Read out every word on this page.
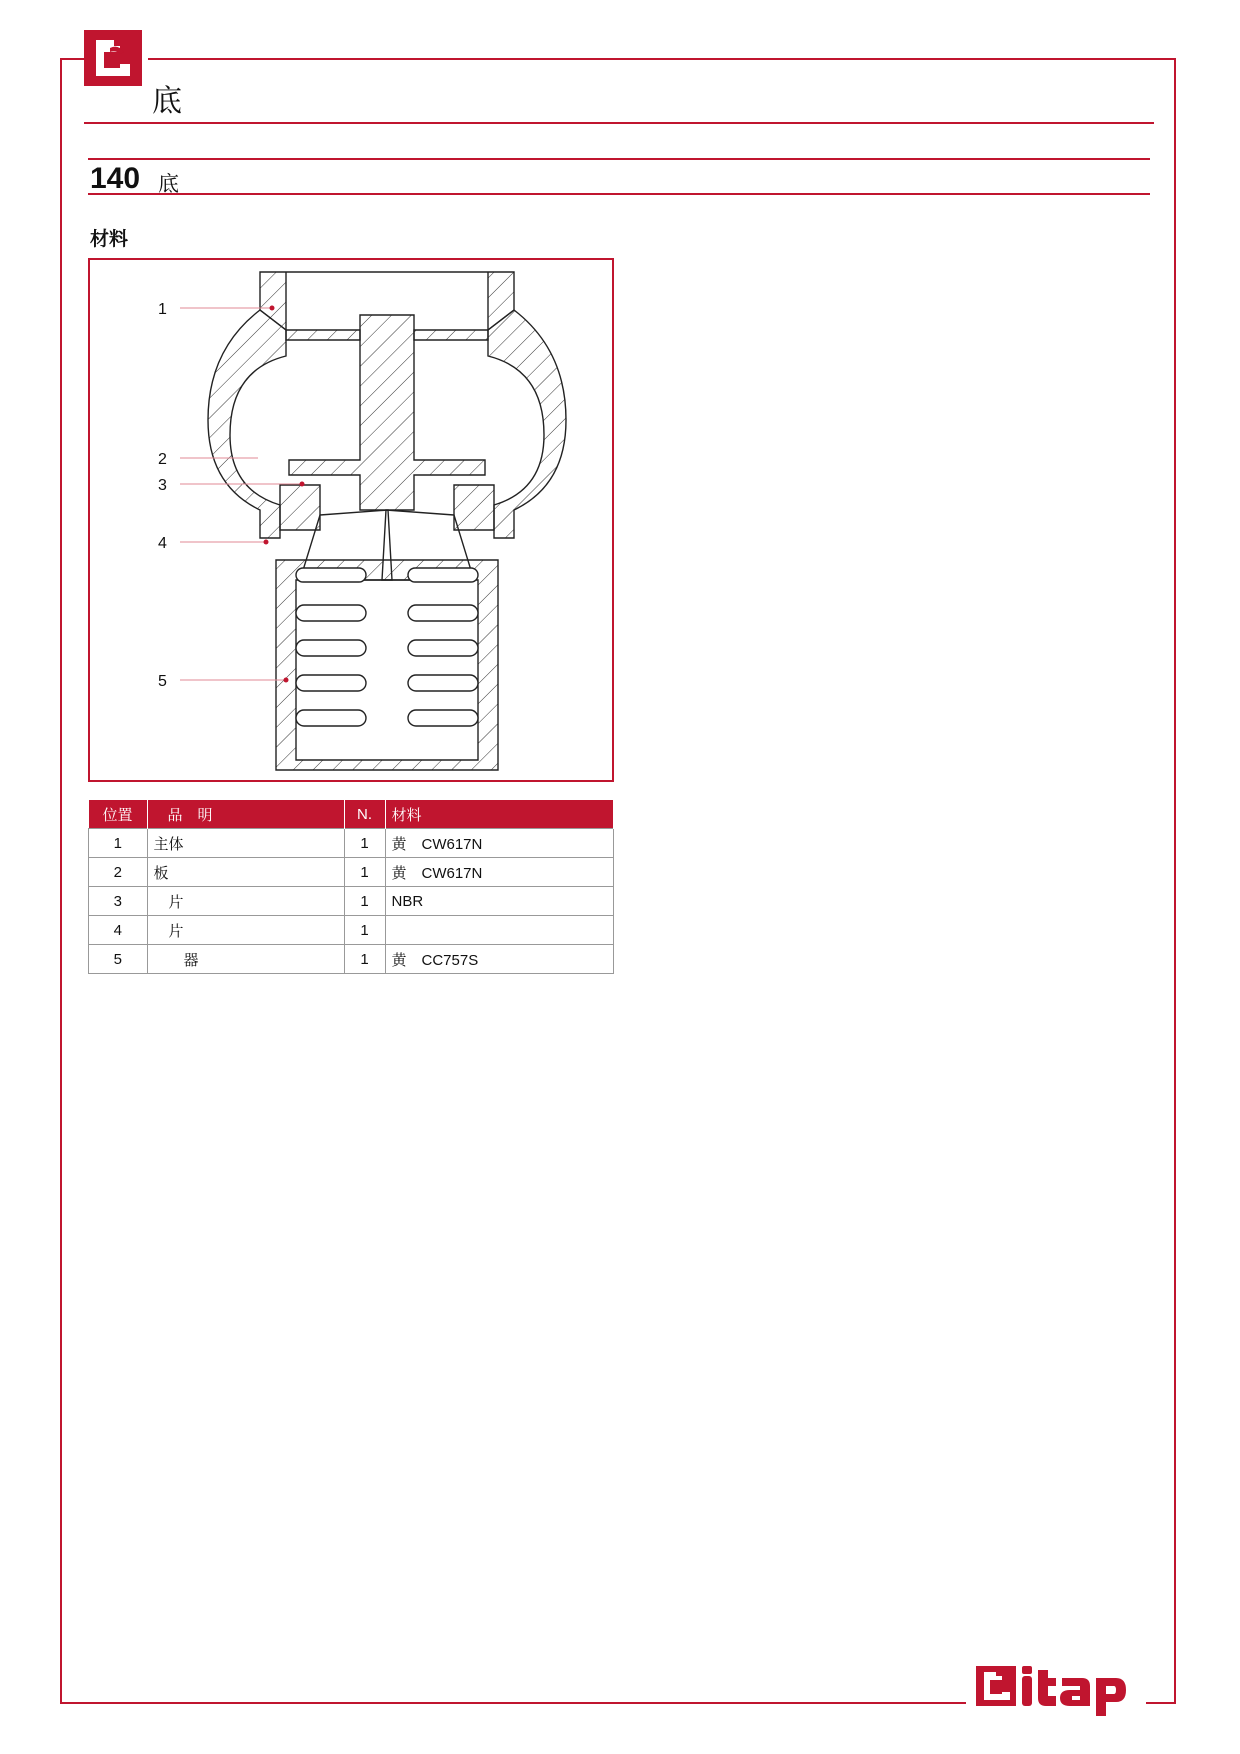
底
140 底
材料
1
2
3
4
5
位置	品　明	N.	材料
1	主体	1	黄　CW617N
2	板	1	黄　CW617N
3	　片	1	NBR
4	　片	1	
5	　　器	1	黄　CC757S
